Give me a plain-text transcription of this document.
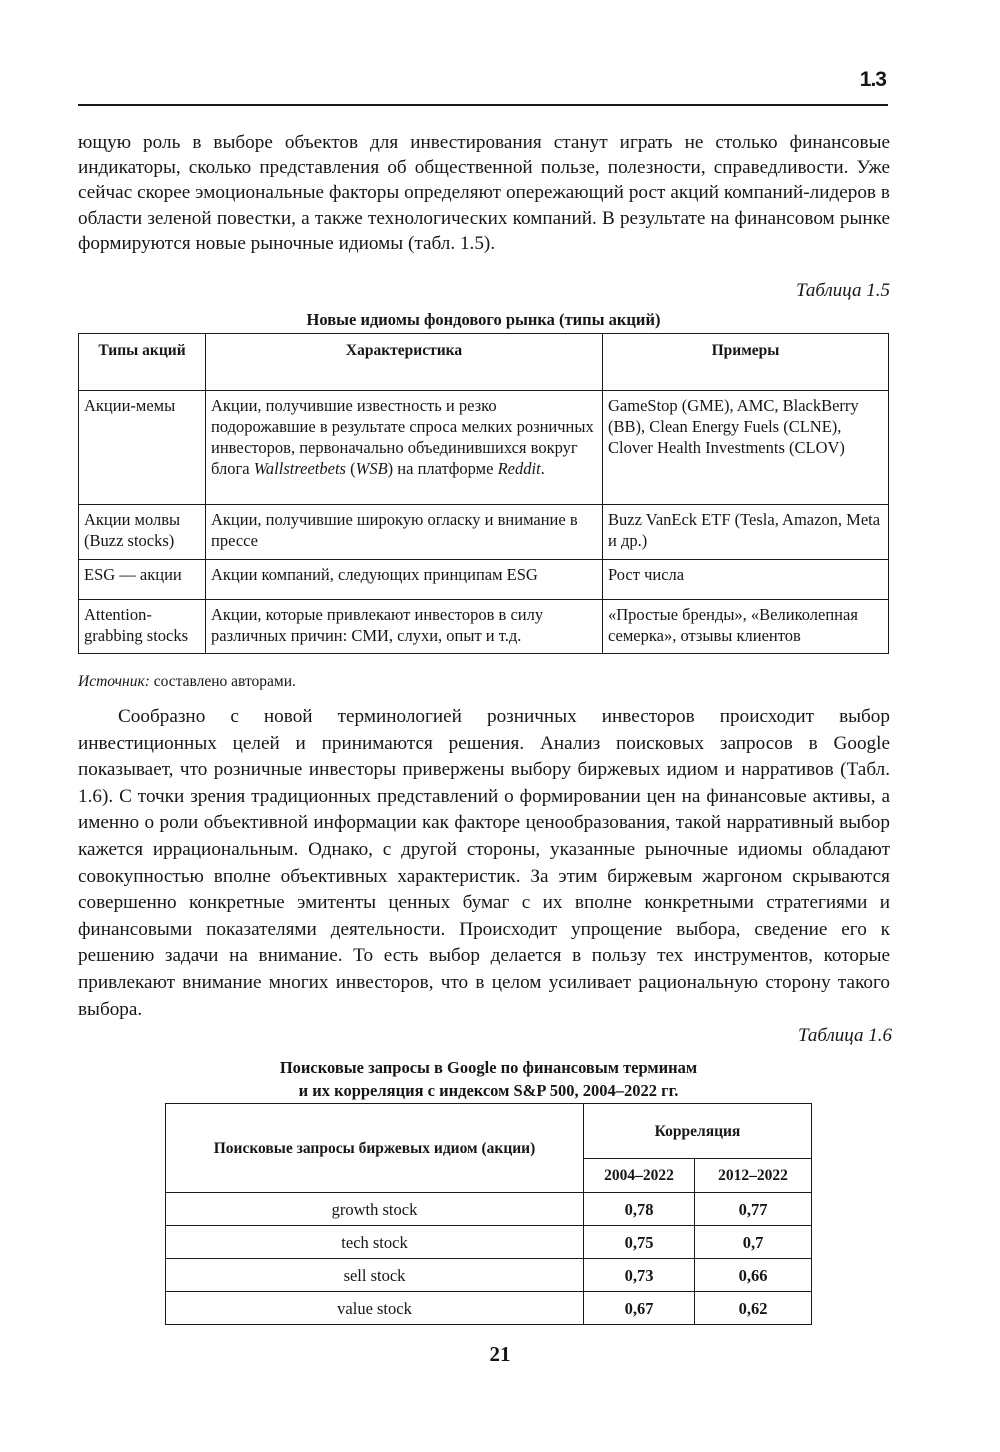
1.3

ющую роль в выборе объектов для инвестирования станут играть не столько финансовые индикаторы, сколько представления об общественной пользе, полезности, справедливости. Уже сейчас скорее эмоциональные факторы определяют опережающий рост акций компаний-лидеров в области зеленой повестки, а также технологических компаний. В результате на финансовом рынке формируются новые рыночные идиомы (табл. 1.5).

Таблица 1.5
Новые идиомы фондового рынка (типы акций)
Типы акций	Характеристика	Примеры
Акции-мемы	Акции, получившие известность и резко подорожавшие в результате спроса мелких розничных инвесторов, первоначально объединившихся вокруг блога Wallstreetbets (WSB) на платформе Reddit.	GameStop (GME), AMC, BlackBerry (BB), Clean Energy Fuels (CLNE), Clover Health Investments (CLOV)
Акции молвы (Buzz stocks)	Акции, получившие широкую огласку и внимание в прессе	Buzz VanEck ETF (Tesla, Amazon, Meta и др.)
ESG — акции	Акции компаний, следующих принципам ESG	Рост числа
Attention-grabbing stocks	Акции, которые привлекают инвесторов в силу различных причин: СМИ, слухи, опыт и т.д.	«Простые бренды», «Великолепная семерка», отзывы клиентов
Источник: составлено авторами.

Сообразно с новой терминологией розничных инвесторов происходит выбор инвестиционных целей и принимаются решения. Анализ поисковых запросов в Google показывает, что розничные инвесторы привержены выбору биржевых идиом и нарративов (Табл. 1.6). С точки зрения традиционных представлений о формировании цен на финансовые активы, а именно о роли объективной информации как факторе ценообразования, такой нарративный выбор кажется иррациональным. Однако, с другой стороны, указанные рыночные идиомы обладают совокупностью вполне объективных характеристик. За этим биржевым жаргоном скрываются совершенно конкретные эмитенты ценных бумаг с их вполне конкретными стратегиями и финансовыми показателями деятельности. Происходит упрощение выбора, сведение его к решению задачи на внимание. То есть выбор делается в пользу тех инструментов, которые привлекают внимание многих инвесторов, что в целом усиливает рациональную сторону такого выбора.

Таблица 1.6
Поисковые запросы в Google по финансовым терминам
и их корреляция с индексом S&P 500, 2004–2022 гг.
Поисковые запросы биржевых идиом (акции)	Корреляция	
	2004–2022	2012–2022
growth stock	0,78	0,77
tech stock	0,75	0,7
sell stock	0,73	0,66
value stock	0,67	0,62
21
